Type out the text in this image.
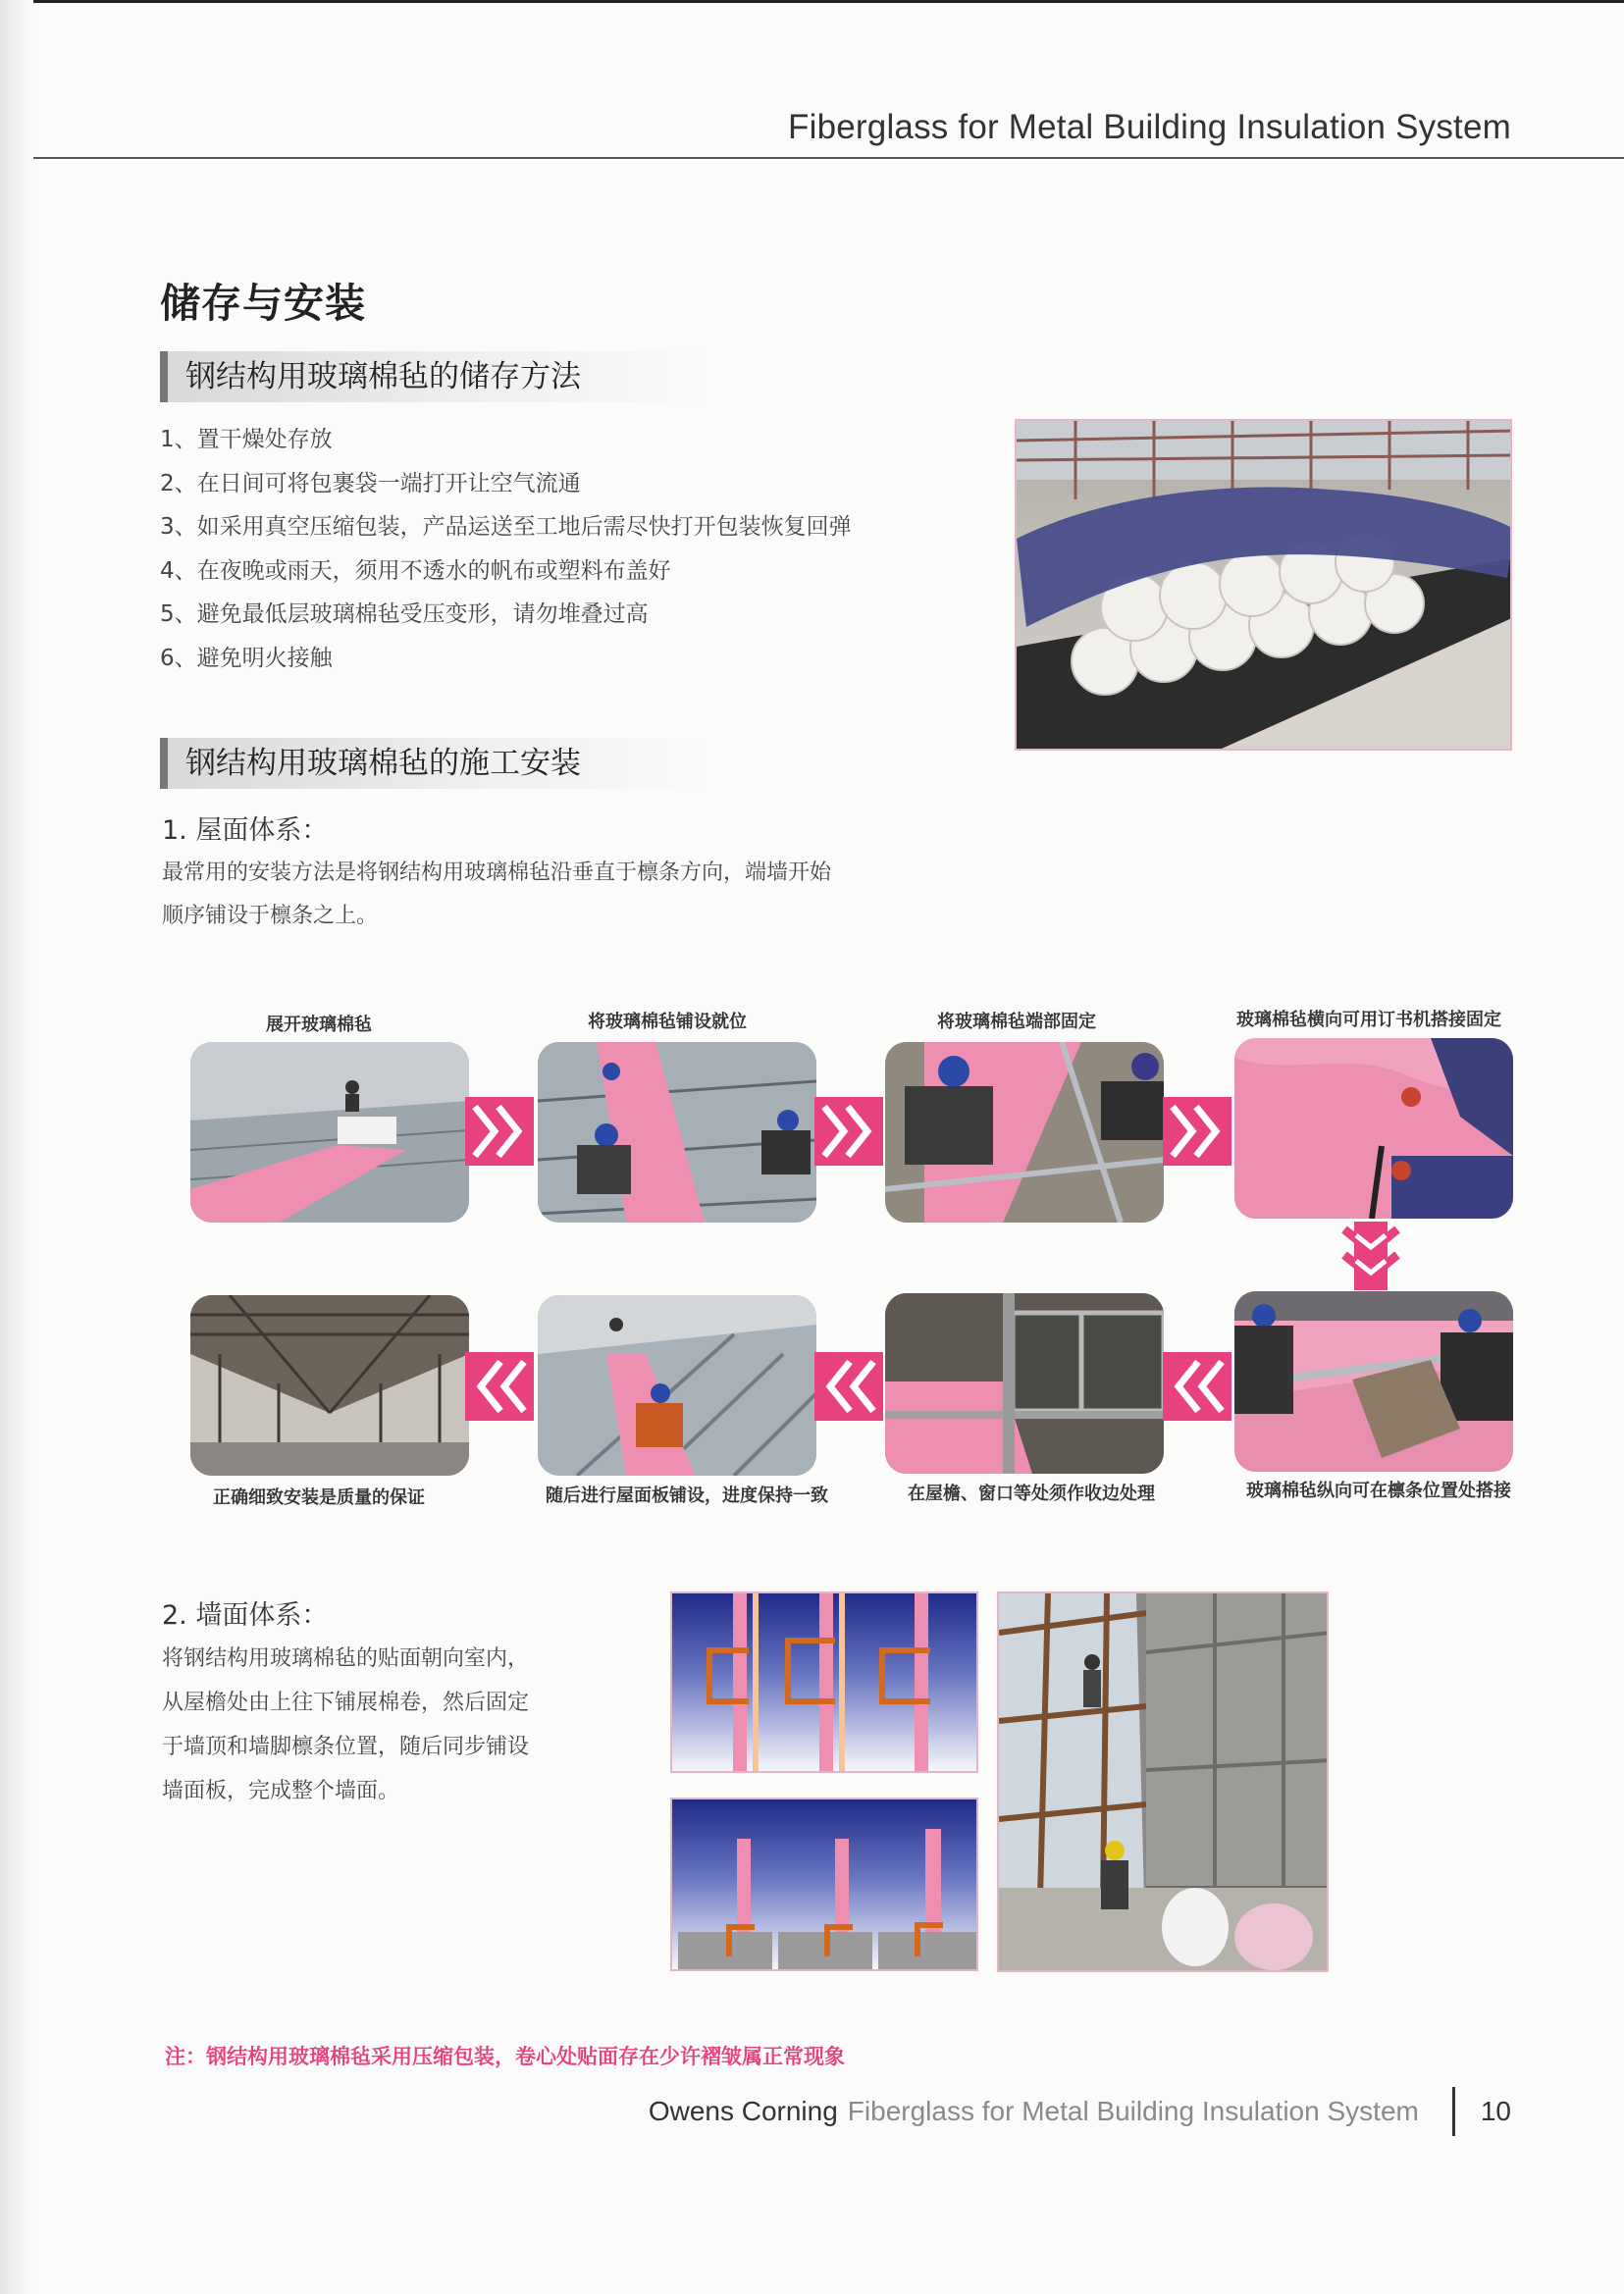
Fiberglass for Metal Building Insulation System
储存与安装
钢结构用玻璃棉毡的储存方法
1、置干燥处存放
2、在日间可将包裹袋一端打开让空气流通
3、如采用真空压缩包装，产品运送至工地后需尽快打开包装恢复回弹
4、在夜晚或雨天，须用不透水的帆布或塑料布盖好
5、避免最低层玻璃棉毡受压变形，请勿堆叠过高
6、避免明火接触
钢结构用玻璃棉毡的施工安装
1. 屋面体系：
最常用的安装方法是将钢结构用玻璃棉毡沿垂直于檩条方向，端墙开始顺序铺设于檩条之上。
展开玻璃棉毡	将玻璃棉毡铺设就位	将玻璃棉毡端部固定	玻璃棉毡横向可用订书机搭接固定
正确细致安装是质量的保证	随后进行屋面板铺设，进度保持一致	在屋檐、窗口等处须作收边处理	玻璃棉毡纵向可在檩条位置处搭接
2. 墙面体系：
将钢结构用玻璃棉毡的贴面朝向室内，
从屋檐处由上往下铺展棉卷，然后固定
于墙顶和墙脚檩条位置，随后同步铺设
墙面板，完成整个墙面。
注：钢结构用玻璃棉毡采用压缩包装，卷心处贴面存在少许褶皱属正常现象
Owens Corning Fiberglass for Metal Building Insulation System 10
